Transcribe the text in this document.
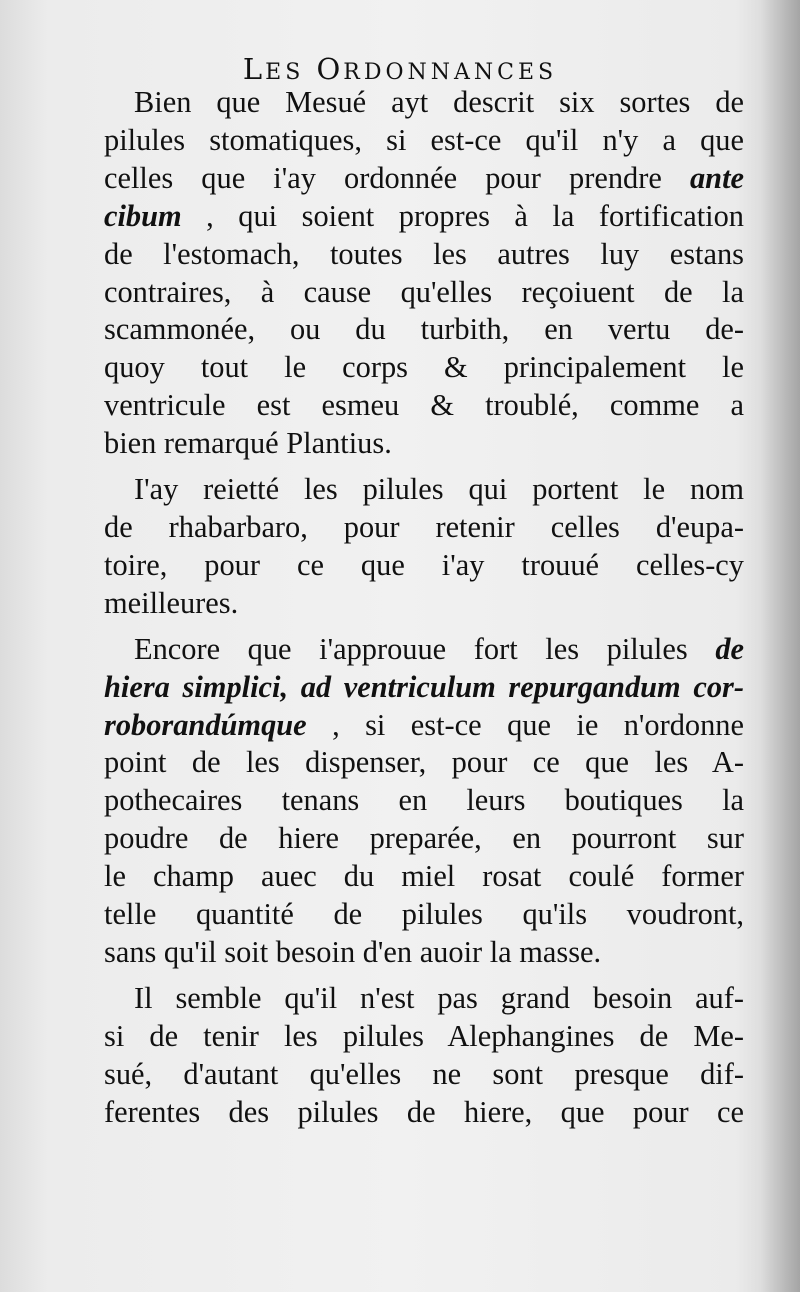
LES ORDONNANCES
Bien que Mesué ayt descrit six sortes de
pilules stomatiques, si est-ce qu'il n'y a que
celles que i'ay ordonnée pour prendre ante
cibum , qui soient propres à la fortification
de l'estomach, toutes les autres luy estans
contraires, à cause qu'elles reçoiuent de la
scammonée, ou du turbith, en vertu de-
quoy tout le corps & principalement le
ventricule est esmeu & troublé, comme a
bien remarqué Plantius.
I'ay reietté les pilules qui portent le nom
de rhabarbaro, pour retenir celles d'eupa-
toire, pour ce que i'ay trouué celles-cy
meilleures.
Encore que i'approuue fort les pilules de
hiera simplici, ad ventriculum repurgandum cor-
roborandúmque , si est-ce que ie n'ordonne
point de les dispenser, pour ce que les A-
pothecaires tenans en leurs boutiques la
poudre de hiere preparée, en pourront sur
le champ auec du miel rosat coulé former
telle quantité de pilules qu'ils voudront,
sans qu'il soit besoin d'en auoir la masse.
Il semble qu'il n'est pas grand besoin auf-
si de tenir les pilules Alephangines de Me-
sué, d'autant qu'elles ne sont presque dif-
ferentes des pilules de hiere, que pour ce
